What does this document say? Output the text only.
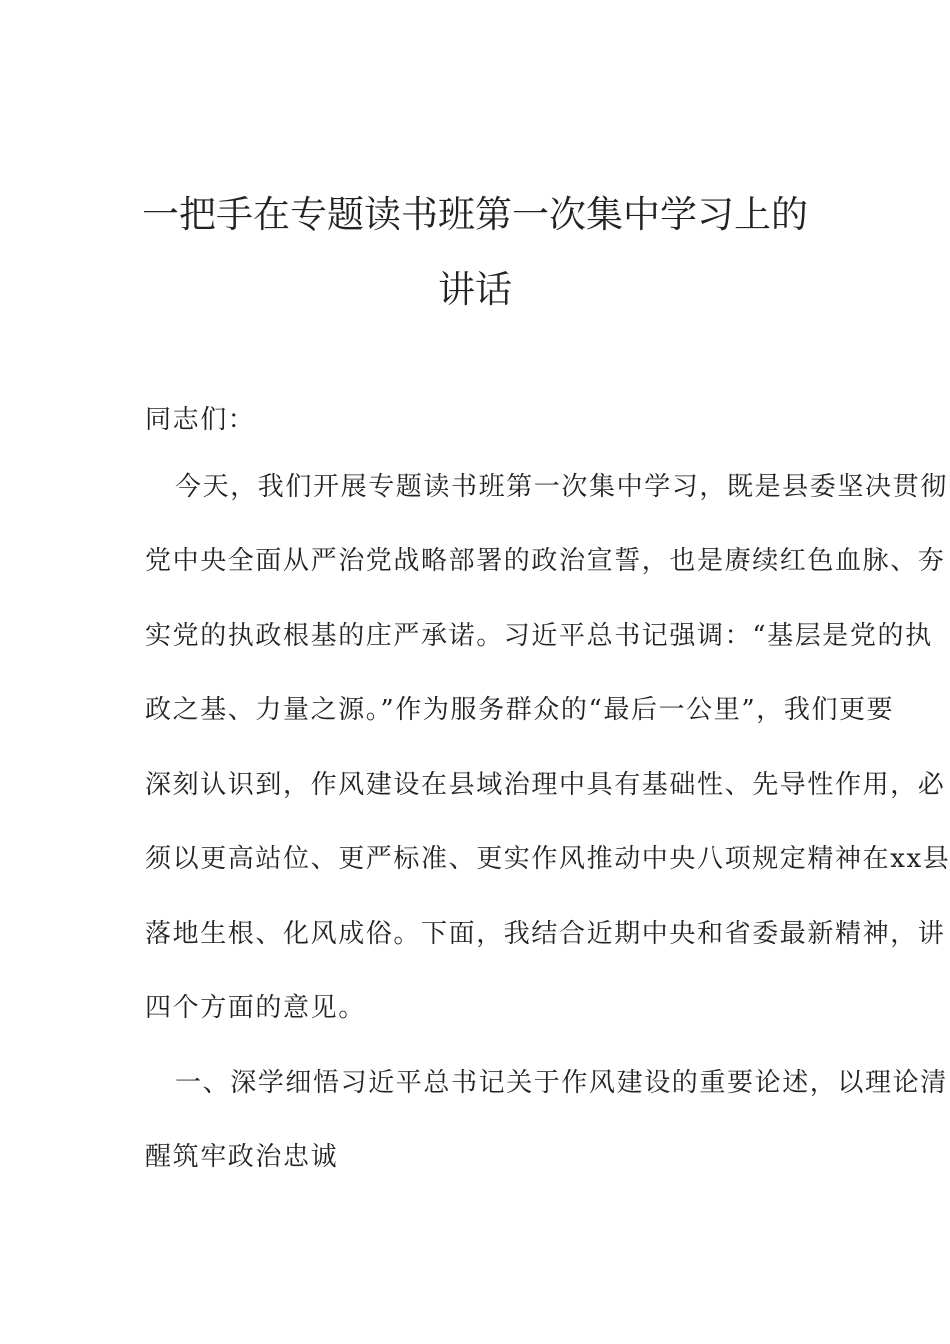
一把手在专题读书班第一次集中学习上的
讲话
同志们：
今天，我们开展专题读书班第一次集中学习，既是县委坚决贯彻
党中央全面从严治党战略部署的政治宣誓，也是赓续红色血脉、夯
实党的执政根基的庄严承诺。习近平总书记强调：“基层是党的执
政之基、力量之源。”作为服务群众的“最后一公里”，我们更要
深刻认识到，作风建设在县域治理中具有基础性、先导性作用，必
须以更高站位、更严标准、更实作风推动中央八项规定精神在xx县
落地生根、化风成俗。下面，我结合近期中央和省委最新精神，讲
四个方面的意见。
一、深学细悟习近平总书记关于作风建设的重要论述，以理论清
醒筑牢政治忠诚
